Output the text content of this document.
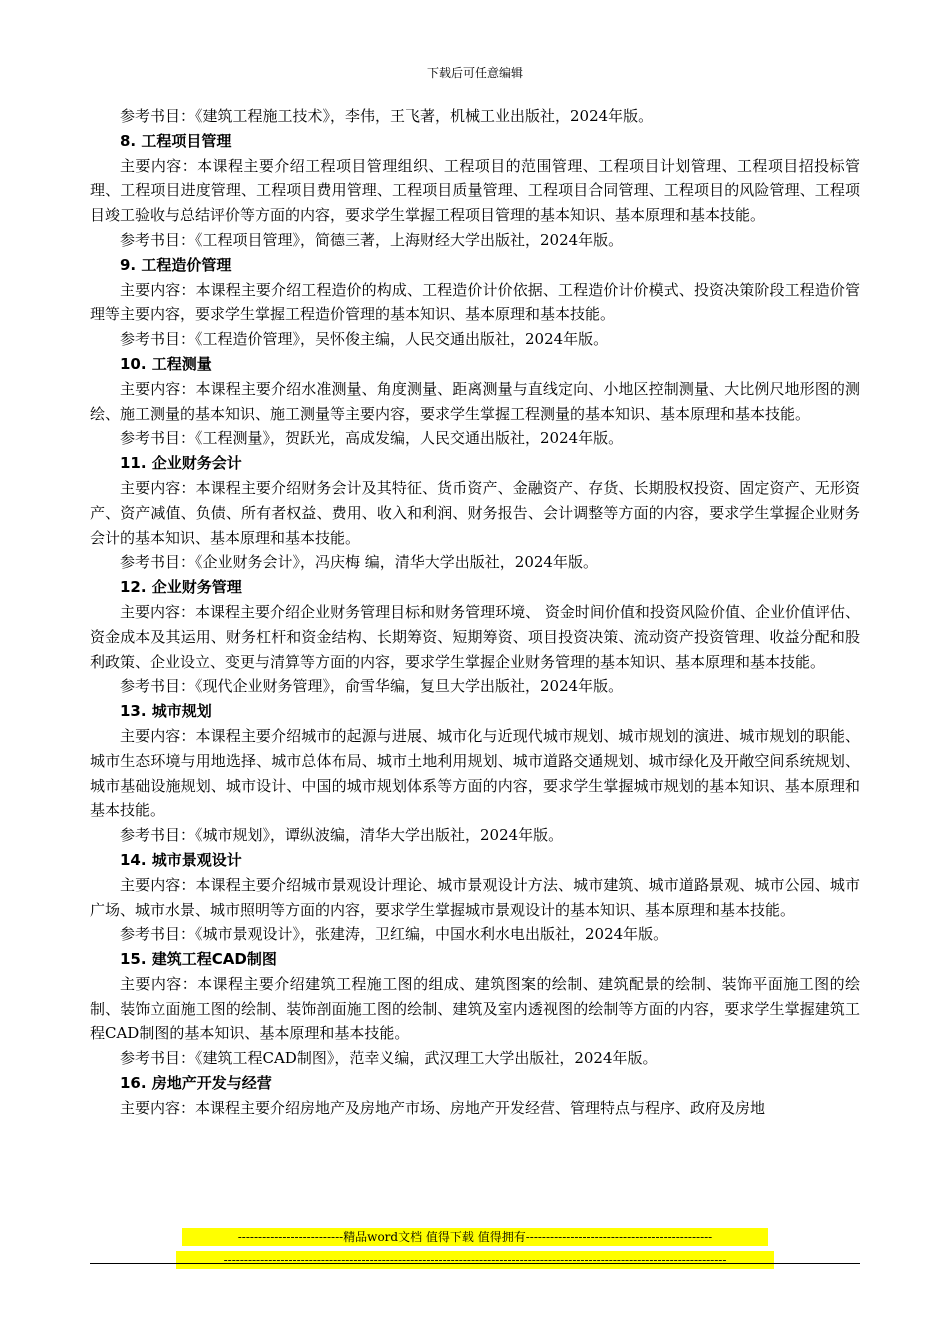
下载后可任意编辑

参考书目：《建筑工程施工技术》，李伟，王飞著，机械工业出版社，2024年版。

8. 工程项目管理

主要内容：本课程主要介绍工程项目管理组织、工程项目的范围管理、工程项目计划管理、工程项目招投标管理、工程项目进度管理、工程项目费用管理、工程项目质量管理、工程项目合同管理、工程项目的风险管理、工程项目竣工验收与总结评价等方面的内容，要求学生掌握工程项目管理的基本知识、基本原理和基本技能。

参考书目：《工程项目管理》，简德三著，上海财经大学出版社，2024年版。

9. 工程造价管理

主要内容：本课程主要介绍工程造价的构成、工程造价计价依据、工程造价计价模式、投资决策阶段工程造价管理等主要内容，要求学生掌握工程造价管理的基本知识、基本原理和基本技能。

参考书目：《工程造价管理》，吴怀俊主编，人民交通出版社，2024年版。

10. 工程测量

主要内容：本课程主要介绍水准测量、角度测量、距离测量与直线定向、小地区控制测量、大比例尺地形图的测绘、施工测量的基本知识、施工测量等主要内容，要求学生掌握工程测量的基本知识、基本原理和基本技能。

参考书目：《工程测量》，贺跃光，高成发编，人民交通出版社，2024年版。

11. 企业财务会计

主要内容：本课程主要介绍财务会计及其特征、货币资产、金融资产、存货、长期股权投资、固定资产、无形资产、资产减值、负债、所有者权益、费用、收入和利润、财务报告、会计调整等方面的内容，要求学生掌握企业财务会计的基本知识、基本原理和基本技能。

参考书目：《企业财务会计》，冯庆梅 编，清华大学出版社，2024年版。

12. 企业财务管理

主要内容：本课程主要介绍企业财务管理目标和财务管理环境、 资金时间价值和投资风险价值、企业价值评估、资金成本及其运用、财务杠杆和资金结构、长期筹资、短期筹资、项目投资决策、流动资产投资管理、收益分配和股利政策、企业设立、变更与清算等方面的内容，要求学生掌握企业财务管理的基本知识、基本原理和基本技能。

参考书目：《现代企业财务管理》，俞雪华编，复旦大学出版社，2024年版。

13. 城市规划

主要内容：本课程主要介绍城市的起源与进展、城市化与近现代城市规划、城市规划的演进、城市规划的职能、城市生态环境与用地选择、城市总体布局、城市土地利用规划、城市道路交通规划、城市绿化及开敞空间系统规划、城市基础设施规划、城市设计、中国的城市规划体系等方面的内容，要求学生掌握城市规划的基本知识、基本原理和基本技能。

参考书目：《城市规划》，谭纵波编，清华大学出版社，2024年版。

14. 城市景观设计

主要内容：本课程主要介绍城市景观设计理论、城市景观设计方法、城市建筑、城市道路景观、城市公园、城市广场、城市水景、城市照明等方面的内容，要求学生掌握城市景观设计的基本知识、基本原理和基本技能。

参考书目：《城市景观设计》，张建涛，卫红编，中国水利水电出版社，2024年版。

15. 建筑工程CAD制图

主要内容：本课程主要介绍建筑工程施工图的组成、建筑图案的绘制、建筑配景的绘制、装饰平面施工图的绘制、装饰立面施工图的绘制、装饰剖面施工图的绘制、建筑及室内透视图的绘制等方面的内容，要求学生掌握建筑工程CAD制图的基本知识、基本原理和基本技能。

参考书目：《建筑工程CAD制图》，范幸义编，武汉理工大学出版社，2024年版。

16. 房地产开发与经营

主要内容：本课程主要介绍房地产及房地产市场、房地产开发经营、管理特点与程序、政府及房地

--------------------------精品word文档 值得下载 值得拥有----------------------------------------------
----------------------------------------------------------------------------------------------------------------------------
